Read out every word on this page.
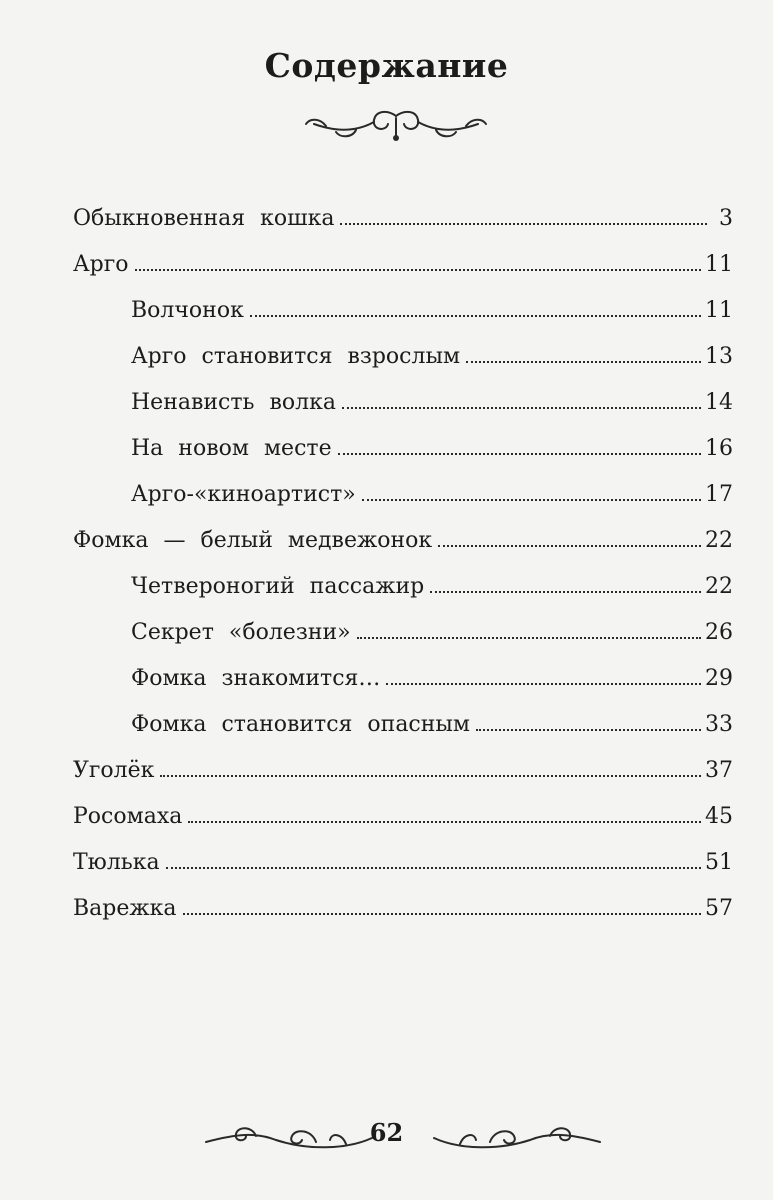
Содержание
Обыкновенная кошка	3
Арго	11
Волчонок	11
Арго становится взрослым	13
Ненависть волка	14
На новом месте	16
Арго-«киноартист»	17
Фомка — белый медвежонок	22
Четвероногий пассажир	22
Секрет «болезни»	26
Фомка знакомится…	29
Фомка становится опасным	33
Уголёк	37
Росомаха	45
Тюлька	51
Варежка	57
62
